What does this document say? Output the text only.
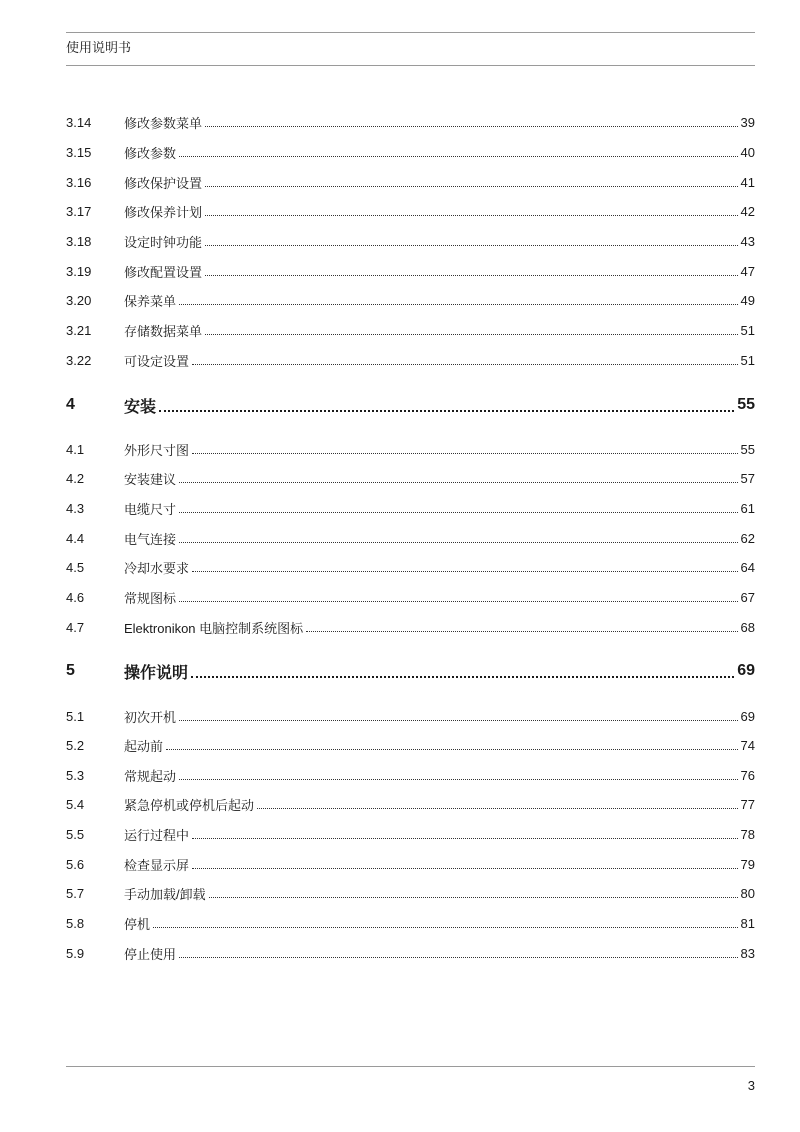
使用说明书
3.14	修改参数菜单	39
3.15	修改参数	40
3.16	修改保护设置	41
3.17	修改保养计划	42
3.18	设定时钟功能	43
3.19	修改配置设置	47
3.20	保养菜单	49
3.21	存储数据菜单	51
3.22	可设定设置	51
4	安装	55
4.1	外形尺寸图	55
4.2	安装建议	57
4.3	电缆尺寸	61
4.4	电气连接	62
4.5	冷却水要求	64
4.6	常规图标	67
4.7	Elektronikon 电脑控制系统图标	68
5	操作说明	69
5.1	初次开机	69
5.2	起动前	74
5.3	常规起动	76
5.4	紧急停机或停机后起动	77
5.5	运行过程中	78
5.6	检查显示屏	79
5.7	手动加载/卸载	80
5.8	停机	81
5.9	停止使用	83
3
